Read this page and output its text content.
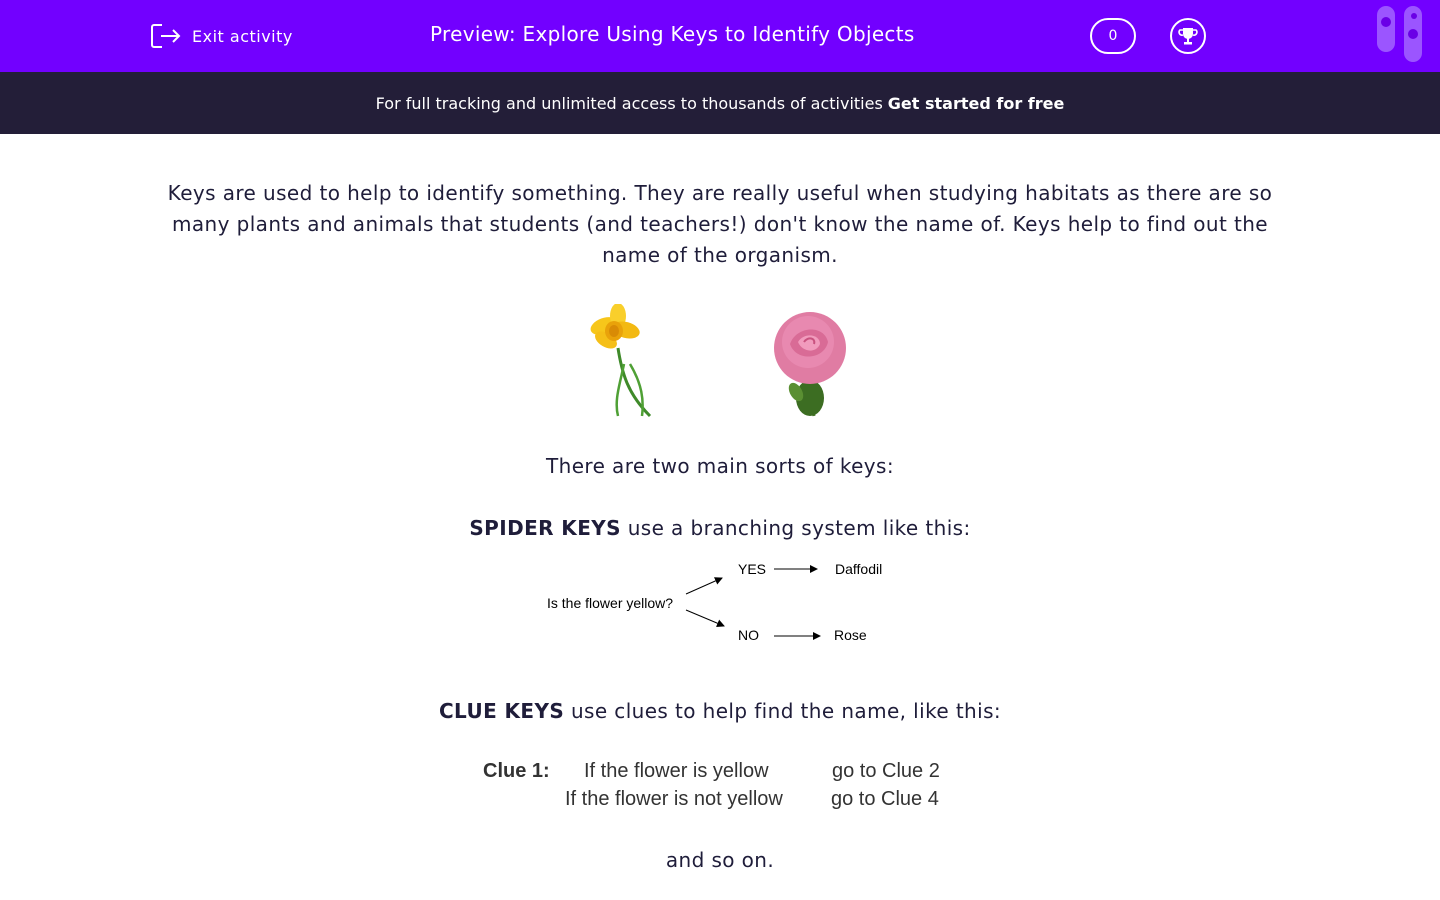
Exit activity	Preview: Explore Using Keys to Identify Objects	0
For full tracking and unlimited access to thousands of activities Get started for free

Keys are used to help to identify something. They are really useful when studying habitats as there are so many plants and animals that students (and teachers!) don't know the name of. Keys help to find out the name of the organism.

There are two main sorts of keys:
SPIDER KEYS use a branching system like this:
Is the flower yellow?
YES	Daffodil
NO	Rose
CLUE KEYS use clues to help find the name, like this:
Clue 1: If the flower is yellow	go to Clue 2
If the flower is not yellow go to Clue 4
and so on.
